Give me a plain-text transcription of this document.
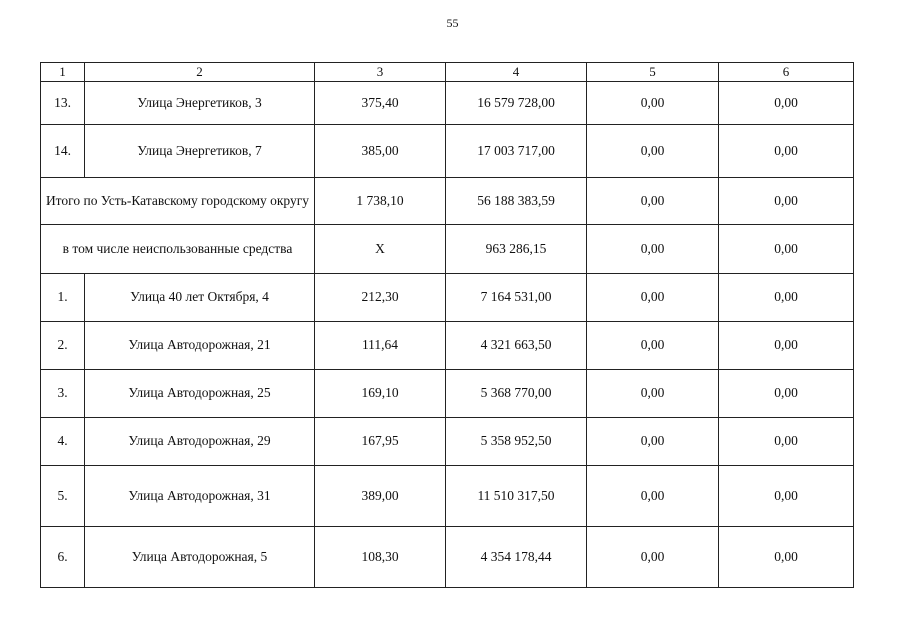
55
1	2	3	4	5	6
13.	Улица Энергетиков, 3	375,40	16 579 728,00	0,00	0,00
14.	Улица Энергетиков, 7	385,00	17 003 717,00	0,00	0,00
Итого по Усть-Катавскому городскому округу		1 738,10	56 188 383,59	0,00	0,00
в том числе неиспользованные средства		X	963 286,15	0,00	0,00
1.	Улица 40 лет Октября, 4	212,30	7 164 531,00	0,00	0,00
2.	Улица Автодорожная, 21	111,64	4 321 663,50	0,00	0,00
3.	Улица Автодорожная, 25	169,10	5 368 770,00	0,00	0,00
4.	Улица Автодорожная, 29	167,95	5 358 952,50	0,00	0,00
5.	Улица Автодорожная, 31	389,00	11 510 317,50	0,00	0,00
6.	Улица Автодорожная, 5	108,30	4 354 178,44	0,00	0,00
